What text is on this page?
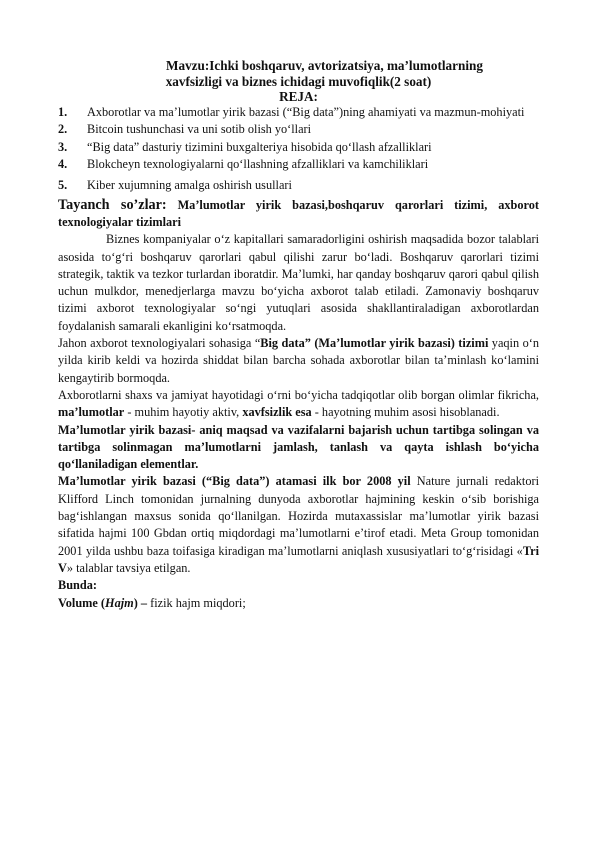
Mavzu:Ichki boshqaruv, avtorizatsiya, ma’lumotlarning
xavfsizligi va biznes ichidagi muvofiqlik(2 soat)
REJA:
1. Axborotlar va ma’lumotlar yirik bazasi (“Big data”)ning ahamiyati va mazmun-mohiyati
2.	Bitcoin tushunchasi va uni sotib olish yo‘llari
3.	“Big data” dasturiy tizimini buxgalteriya hisobida qo‘llash afzalliklari
4.	Blokcheyn texnologiyalarni qo‘llashning afzalliklari va kamchiliklari
5.	Kiber xujumning amalga oshirish usullari
Tayanch so’zlar: Ma’lumotlar yirik bazasi,boshqaruv qarorlari tizimi, axborot texnologiyalar tizimlari

Biznes kompaniyalar o‘z kapitallari samaradorligini oshirish maqsadida bozor talablari asosida to‘g‘ri boshqaruv qarorlari qabul qilishi zarur bo‘ladi. Boshqaruv qarorlari tizimi strategik, taktik va tezkor turlardan iboratdir. Ma’lumki, har qanday boshqaruv qarori qabul qilish uchun mulkdor, menedjerlarga mavzu bo‘yicha axborot talab etiladi. Zamonaviy boshqaruv tizimi axborot texnologiyalar so‘ngi yutuqlari asosida shakllantiraladigan axborotlardan foydalanish samarali ekanligini ko‘rsatmoqda.

Jahon axborot texnologiyalari sohasiga “Big data” (Ma’lumotlar yirik bazasi) tizimi yaqin o‘n yilda kirib keldi va hozirda shiddat bilan barcha sohada axborotlar bilan ta’minlash ko‘lamini kengaytirib bormoqda.

Axborotlarni shaxs va jamiyat hayotidagi o‘rni bo‘yicha tadqiqotlar olib borgan olimlar fikricha, ma’lumotlar - muhim hayotiy aktiv, xavfsizlik esa - hayotning muhim asosi hisoblanadi.

Ma’lumotlar yirik bazasi- aniq maqsad va vazifalarni bajarish uchun tartibga solingan va tartibga solinmagan ma’lumotlarni jamlash, tanlash va qayta ishlash bo‘yicha qo‘llaniladigan elementlar.

Ma’lumotlar yirik bazasi (“Big data”) atamasi ilk bor 2008 yil Nature jurnali redaktori Klifford Linch tomonidan jurnalning dunyoda axborotlar hajmining keskin o‘sib borishiga bag‘ishlangan maxsus sonida qo‘llanilgan. Hozirda mutaxassislar ma’lumotlar yirik bazasi sifatida hajmi 100 Gbdan ortiq miqdordagi ma’lumotlarni e’tirof etadi. Meta Group tomonidan 2001 yilda ushbu baza toifasiga kiradigan ma’lumotlarni aniqlash xususiyatlari to‘g‘risidagi «Tri V» talablar tavsiya etilgan.

Bunda:

Volume (Hajm) – fizik hajm miqdori;
